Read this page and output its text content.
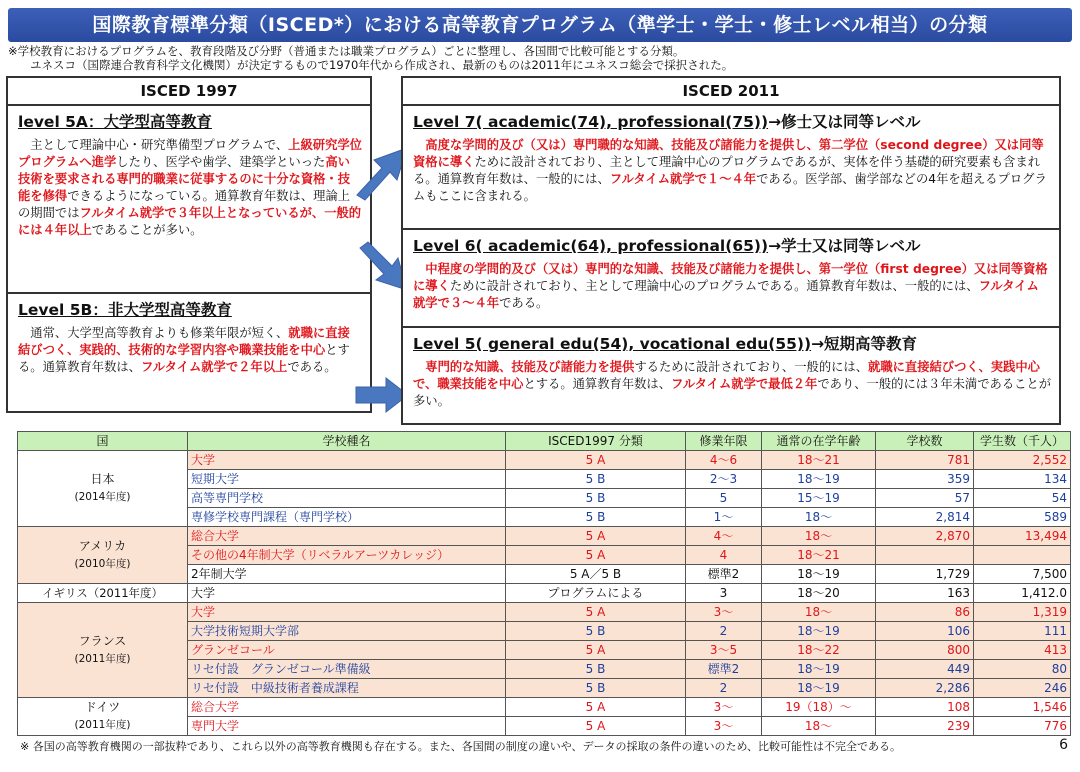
国際教育標準分類（ISCED*）における高等教育プログラム（準学士・学士・修士レベル相当）の分類
※学校教育におけるプログラムを、教育段階及び分野（普通または職業プログラム）ごとに整理し、各国間で比較可能とする分類。
ユネスコ（国際連合教育科学文化機関）が決定するもので1970年代から作成され、最新のものは2011年にユネスコ総会で採択された。
ISCED 1997
level 5A：大学型高等教育
主として理論中心・研究準備型プログラムで、上級研究学位プログラムへ進学したり、医学や歯学、建築学といった高い技術を要求される専門的職業に従事するのに十分な資格・技能を修得できるようになっている。通算教育年数は、理論上の期間ではフルタイム就学で３年以上となっているが、一般的には４年以上であることが多い。
Level 5B：非大学型高等教育
通常、大学型高等教育よりも修業年限が短く、就職に直接結びつく、実践的、技術的な学習内容や職業技能を中心とする。通算教育年数は、フルタイム就学で２年以上である。
ISCED 2011
Level 7( academic(74), professional(75))→修士又は同等レベル
高度な学問的及び（又は）専門職的な知識、技能及び諸能力を提供し、第二学位（second degree）又は同等資格に導くために設計されており、主として理論中心のプログラムであるが、実体を伴う基礎的研究要素も含まれる。通算教育年数は、一般的には、フルタイム就学で１～４年である。医学部、歯学部などの4年を超えるプログラムもここに含まれる。
Level 6( academic(64), professional(65))→学士又は同等レベル
中程度の学問的及び（又は）専門的な知識、技能及び諸能力を提供し、第一学位（first degree）又は同等資格に導くために設計されており、主として理論中心のプログラムである。通算教育年数は、一般的には、フルタイム就学で３～４年である。
Level 5( general edu(54), vocational edu(55))→短期高等教育
専門的な知識、技能及び諸能力を提供するために設計されており、一般的には、就職に直接結びつく、実践中心で、職業技能を中心とする。通算教育年数は、フルタイム就学で最低２年であり、一般的には３年未満であることが多い。
国	学校種名	ISCED1997 分類	修業年限	通常の在学年齢	学校数	学生数（千人）
日本
(2014年度)	大学	5 A	4～6	18～21	781	2,552
	短期大学	5 B	2～3	18～19	359	134
	高等専門学校	5 B	5	15～19	57	54
	専修学校専門課程（専門学校）	5 B	1～	18～	2,814	589
アメリカ
(2010年度)	総合大学	5 A	4～	18～	2,870	13,494
	その他の4年制大学（リベラルアーツカレッジ）	5 A	4	18～21		
	2年制大学	5 A／5 B	標準2	18～19	1,729	7,500
イギリス（2011年度）	大学	プログラムによる	3	18～20	163	1,412.0
フランス
(2011年度)	大学	5 A	3～	18～	86	1,319
	大学技術短期大学部	5 B	2	18～19	106	111
	グランゼコール	5 A	3～5	18～22	800	413
	リセ付設　グランゼコール準備級	5 B	標準2	18～19	449	80
	リセ付設　中級技術者養成課程	5 B	2	18～19	2,286	246
ドイツ
(2011年度)	総合大学	5 A	3～	19（18）～	108	1,546
	専門大学	5 A	3～	18～	239	776
※ 各国の高等教育機関の一部抜粋であり、これら以外の高等教育機関も存在する。また、各国間の制度の違いや、データの採取の条件の違いのため、比較可能性は不完全である。	6
